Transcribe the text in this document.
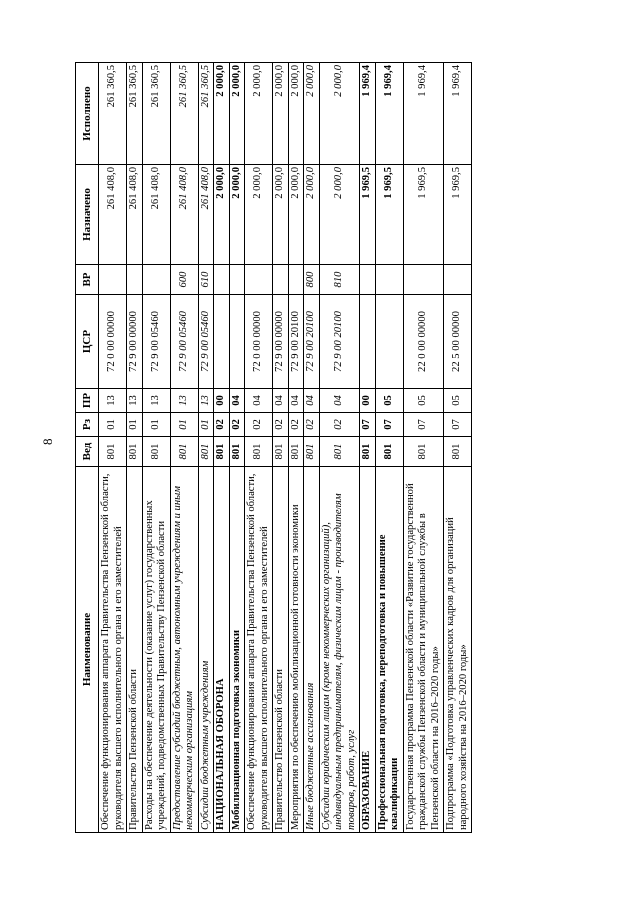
8
Наименование	Вед	Рз	ПР	ЦСР	ВР	Назначено	Исполнено
Обеспечение функционирования аппарата Правительства Пензенской области, руководителя высшего исполнительного органа и его заместителей	801	01	13	72 0 00 00000		261 408,0	261 360,5
Правительство Пензенской области	801	01	13	72 9 00 00000		261 408,0	261 360,5
Расходы на обеспечение деятельности (оказание услуг) государственных учреждений, подведомственных Правительству Пензенской области	801	01	13	72 9 00 05460		261 408,0	261 360,5
Предоставление субсидий бюджетным, автономным учреждениям и иным некоммерческим организациям	801	01	13	72 9 00 05460	600	261 408,0	261 360,5
Субсидии бюджетным учреждениям	801	01	13	72 9 00 05460	610	261 408,0	261 360,5
НАЦИОНАЛЬНАЯ ОБОРОНА	801	02	00			2 000,0	2 000,0
Мобилизационная подготовка экономики	801	02	04			2 000,0	2 000,0
Обеспечение функционирования аппарата Правительства Пензенской области, руководителя высшего исполнительного органа и его заместителей	801	02	04	72 0 00 00000		2 000,0	2 000,0
Правительство Пензенской области	801	02	04	72 9 00 00000		2 000,0	2 000,0
Мероприятия по обеспечению мобилизационной готовности экономики	801	02	04	72 9 00 20100		2 000,0	2 000,0
Иные бюджетные ассигнования	801	02	04	72 9 00 20100	800	2 000,0	2 000,0
Субсидии юридическим лицам (кроме некоммерческих организаций), индивидуальным предпринимателям, физическим лицам - производителям товаров, работ, услуг	801	02	04	72 9 00 20100	810	2 000,0	2 000,0
ОБРАЗОВАНИЕ	801	07	00			1 969,5	1 969,4
Профессиональная подготовка, переподготовка и повышение квалификации	801	07	05			1 969,5	1 969,4
Государственная программа Пензенской области «Развитие государственной гражданской службы Пензенской области и муниципальной службы в Пензенской области на 2016–2020 годы»	801	07	05	22 0 00 00000		1 969,5	1 969,4
Подпрограмма «Подготовка управленческих кадров для организаций народного хозяйства на 2016–2020 годы»	801	07	05	22 5 00 00000		1 969,5	1 969,4
